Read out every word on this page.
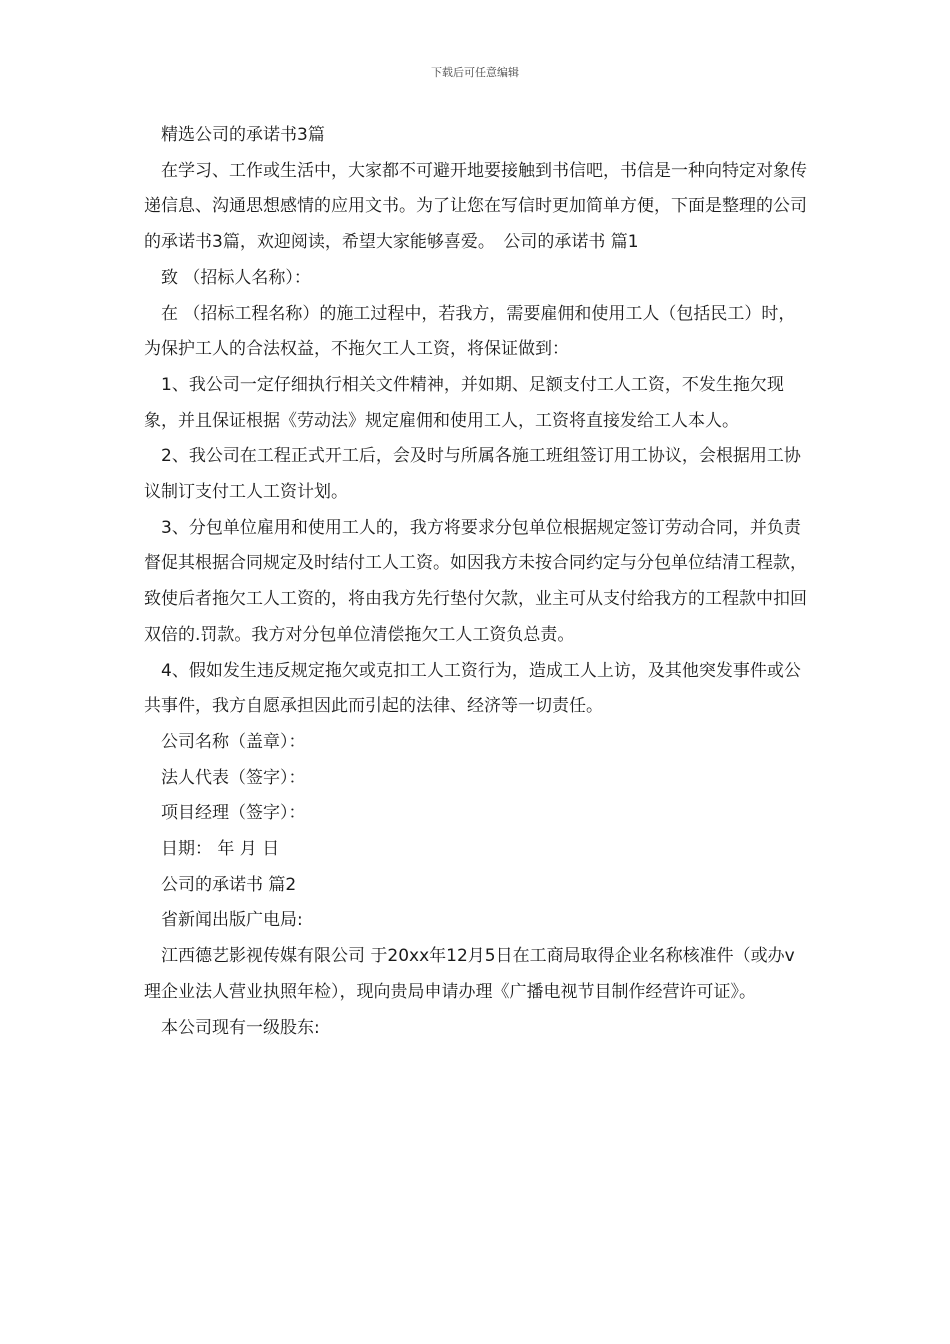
下载后可任意编辑

精选公司的承诺书3篇

在学习、工作或生活中，大家都不可避开地要接触到书信吧，书信是一种向特定对象传递信息、沟通思想感情的应用文书。为了让您在写信时更加简单方便，下面是整理的公司的承诺书3篇，欢迎阅读，希望大家能够喜爱。　公司的承诺书 篇1

致 （招标人名称）：

在 （招标工程名称）的施工过程中，若我方，需要雇佣和使用工人（包括民工）时，为保护工人的合法权益，不拖欠工人工资，将保证做到：

1、我公司一定仔细执行相关文件精神，并如期、足额支付工人工资，不发生拖欠现象，并且保证根据《劳动法》规定雇佣和使用工人，工资将直接发给工人本人。

2、我公司在工程正式开工后，会及时与所属各施工班组签订用工协议，会根据用工协议制订支付工人工资计划。

3、分包单位雇用和使用工人的，我方将要求分包单位根据规定签订劳动合同，并负责督促其根据合同规定及时结付工人工资。如因我方未按合同约定与分包单位结清工程款，致使后者拖欠工人工资的，将由我方先行垫付欠款，业主可从支付给我方的工程款中扣回双倍的.罚款。我方对分包单位清偿拖欠工人工资负总责。

4、假如发生违反规定拖欠或克扣工人工资行为，造成工人上访，及其他突发事件或公共事件，我方自愿承担因此而引起的法律、经济等一切责任。

公司名称（盖章）：

法人代表（签字）：

项目经理（签字）：

日期： 年 月 日

公司的承诺书 篇2

省新闻出版广电局:

江西德艺影视传媒有限公司 于20xx年12月5日在工商局取得企业名称核准件（或办v理企业法人营业执照年检），现向贵局申请办理《广播电视节目制作经营许可证》。

本公司现有一级股东:
